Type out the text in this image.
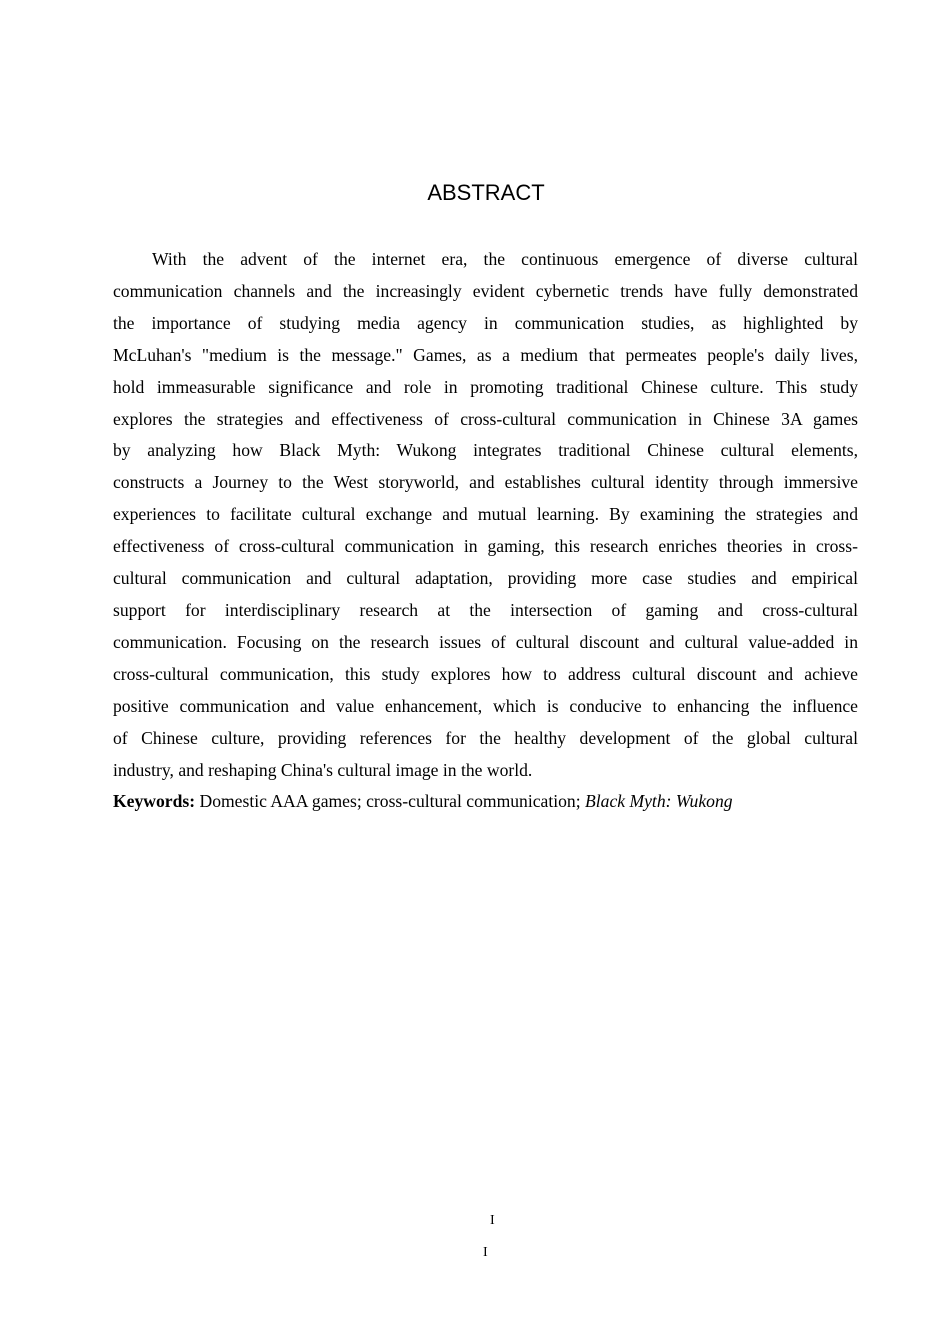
ABSTRACT
With the advent of the internet era, the continuous emergence of diverse cultural
communication channels and the increasingly evident cybernetic trends have fully demonstrated
the importance of studying media agency in communication studies, as highlighted by
McLuhan's "medium is the message." Games, as a medium that permeates people's daily lives,
hold immeasurable significance and role in promoting traditional Chinese culture. This study
explores the strategies and effectiveness of cross-cultural communication in Chinese 3A games
by analyzing how Black Myth: Wukong integrates traditional Chinese cultural elements,
constructs a Journey to the West storyworld, and establishes cultural identity through immersive
experiences to facilitate cultural exchange and mutual learning. By examining the strategies and
effectiveness of cross-cultural communication in gaming, this research enriches theories in cross-
cultural communication and cultural adaptation, providing more case studies and empirical
support for interdisciplinary research at the intersection of gaming and cross-cultural
communication. Focusing on the research issues of cultural discount and cultural value-added in
cross-cultural communication, this study explores how to address cultural discount and achieve
positive communication and value enhancement, which is conducive to enhancing the influence
of Chinese culture, providing references for the healthy development of the global cultural
industry, and reshaping China's cultural image in the world.
Keywords: Domestic AAA games; cross-cultural communication; Black Myth: Wukong
I
I
